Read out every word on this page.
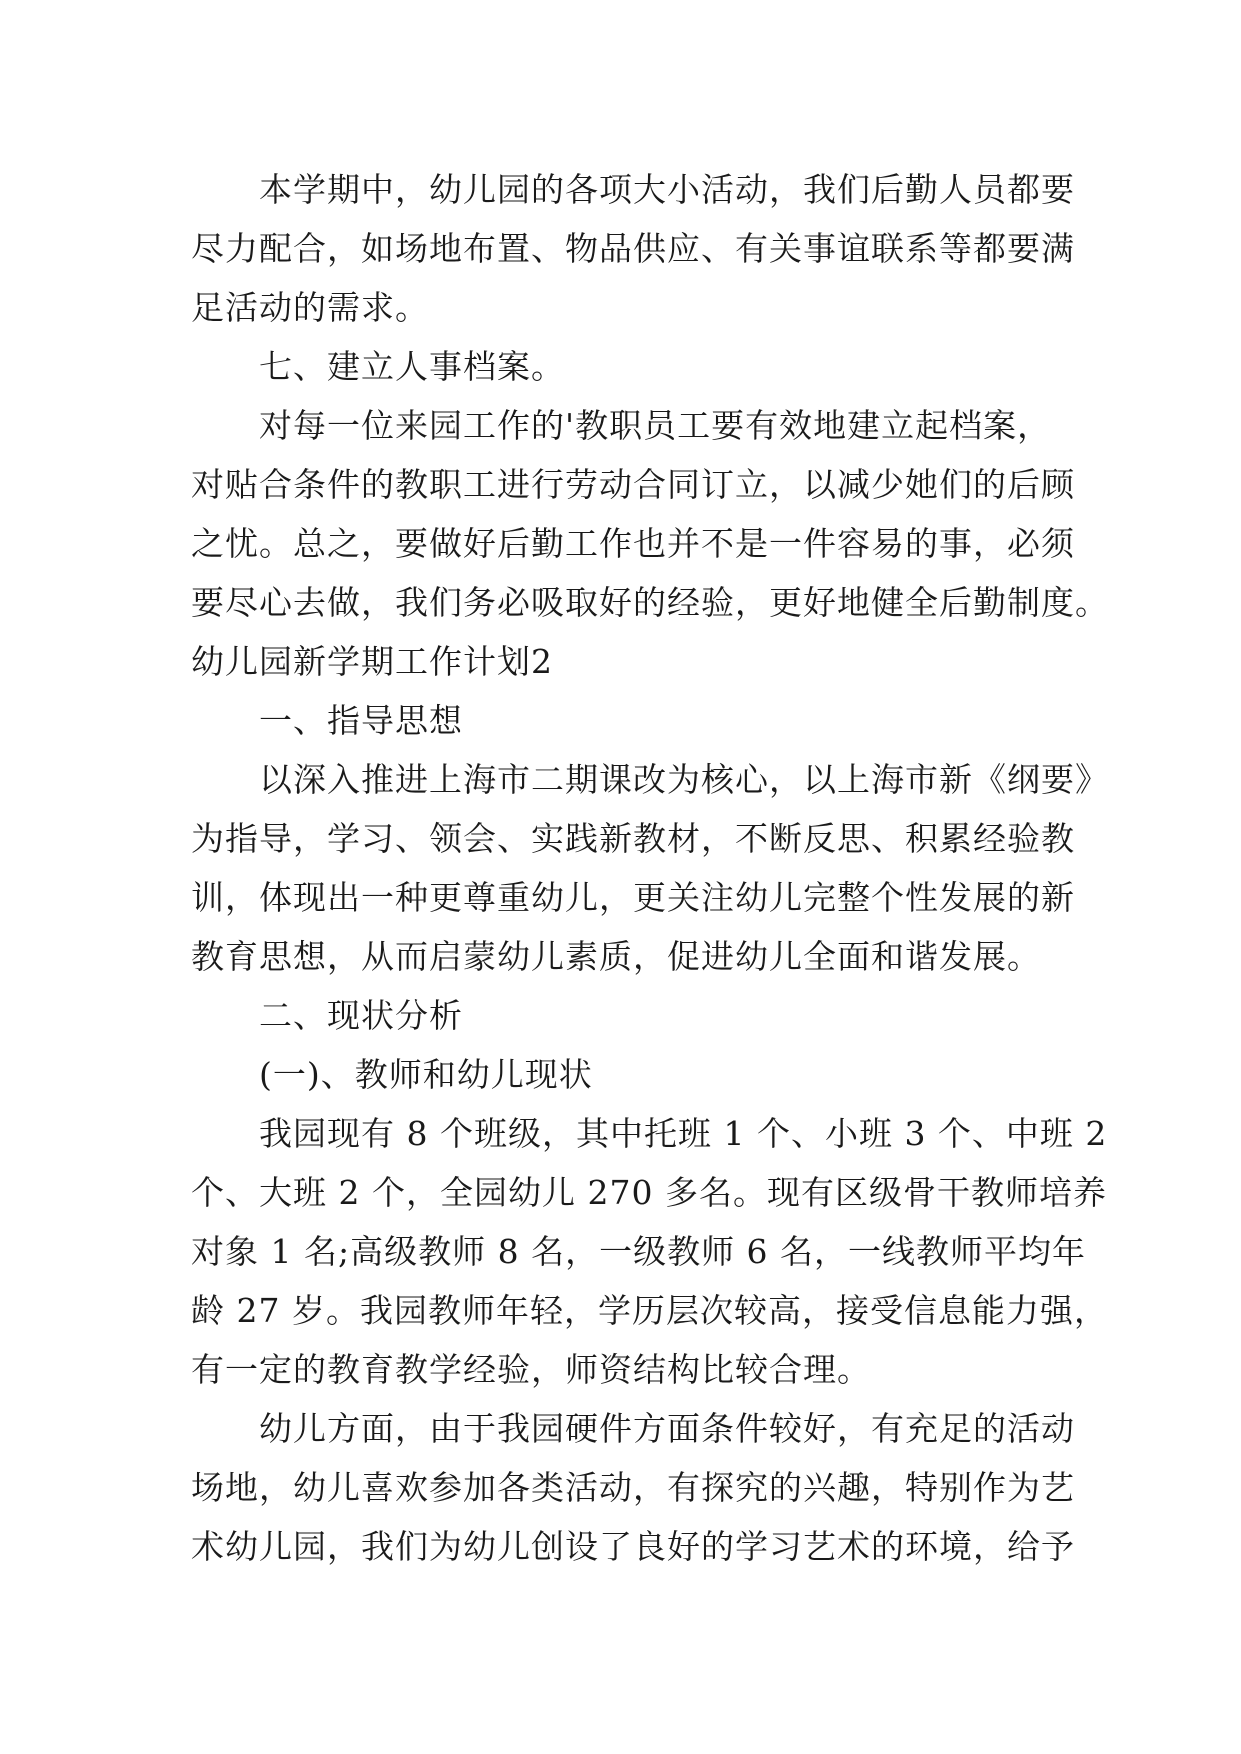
本学期中，幼儿园的各项大小活动，我们后勤人员都要
尽力配合，如场地布置、物品供应、有关事谊联系等都要满
足活动的需求。
七、建立人事档案。
对每一位来园工作的'教职员工要有效地建立起档案，
对贴合条件的教职工进行劳动合同订立，以减少她们的后顾
之忧。总之，要做好后勤工作也并不是一件容易的事，必须
要尽心去做，我们务必吸取好的经验，更好地健全后勤制度。
幼儿园新学期工作计划2
一、指导思想
以深入推进上海市二期课改为核心，以上海市新《纲要》
为指导，学习、领会、实践新教材，不断反思、积累经验教
训，体现出一种更尊重幼儿，更关注幼儿完整个性发展的新
教育思想，从而启蒙幼儿素质，促进幼儿全面和谐发展。
二、现状分析
(一)、教师和幼儿现状
我园现有 8 个班级，其中托班 1 个、小班 3 个、中班 2
个、大班 2 个，全园幼儿 270 多名。现有区级骨干教师培养
对象 1 名;高级教师 8 名，一级教师 6 名，一线教师平均年
龄 27 岁。我园教师年轻，学历层次较高，接受信息能力强，
有一定的教育教学经验，师资结构比较合理。
幼儿方面，由于我园硬件方面条件较好，有充足的活动
场地，幼儿喜欢参加各类活动，有探究的兴趣，特别作为艺
术幼儿园，我们为幼儿创设了良好的学习艺术的环境，给予
